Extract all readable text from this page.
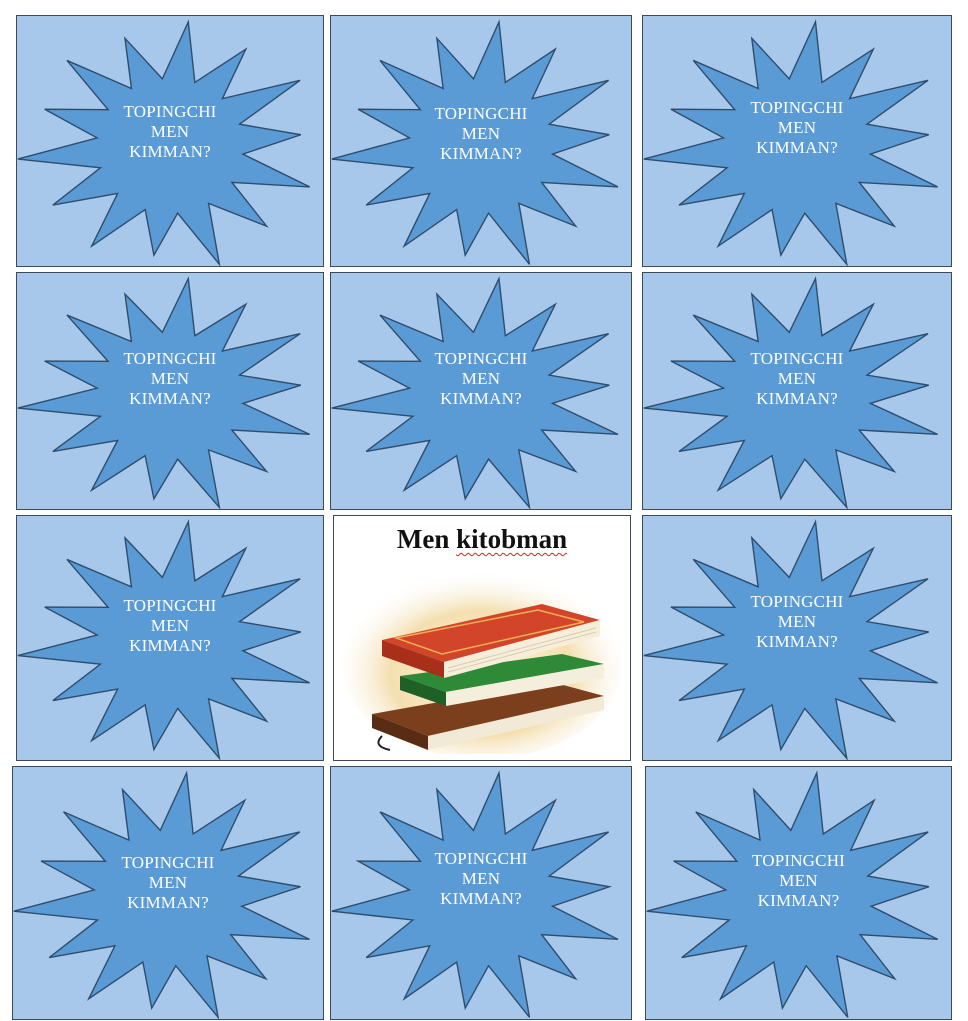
TOPINGCHI
MEN
KIMMAN?
TOPINGCHI
MEN
KIMMAN?
TOPINGCHI
MEN
KIMMAN?
TOPINGCHI
MEN
KIMMAN?
TOPINGCHI
MEN
KIMMAN?
TOPINGCHI
MEN
KIMMAN?
TOPINGCHI
MEN
KIMMAN?
Men kitobman
TOPINGCHI
MEN
KIMMAN?
TOPINGCHI
MEN
KIMMAN?
TOPINGCHI
MEN
KIMMAN?
TOPINGCHI
MEN
KIMMAN?
